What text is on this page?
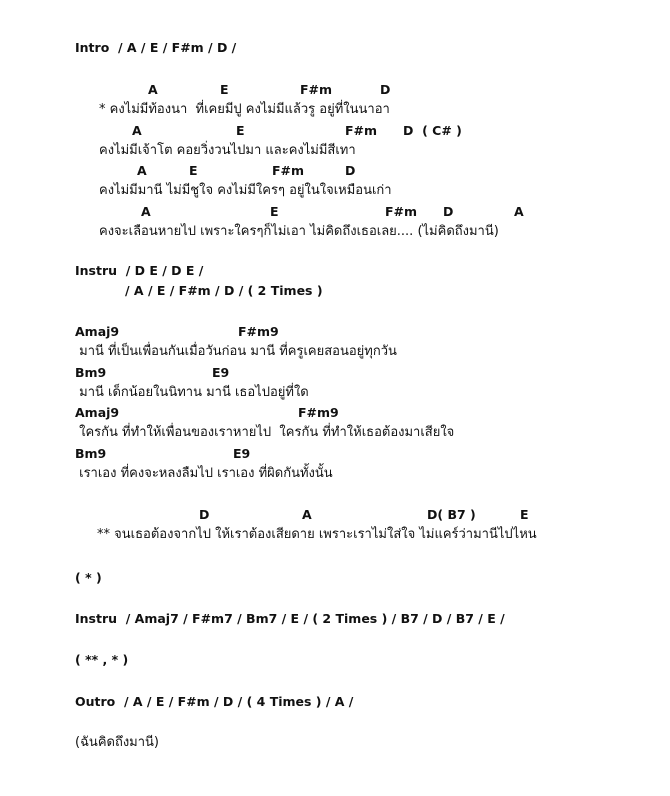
Intro  / A / E / F#m / D /
A	E	F#m	D
* คงไม่มีท้องนา  ที่เคยมีปู คงไม่มีแล้วรู อยู่ที่ในนาอา
A	E	F#m D  ( C# )
คงไม่มีเจ้าโต คอยวิ่งวนไปมา และคงไม่มีสีเทา
A	E	F#m	D
คงไม่มีมานี ไม่มีชูใจ คงไม่มีใครๆ อยู่ในใจเหมือนเก่า
A	E	F#m D	A
คงจะเลือนหายไป เพราะใครๆก็ไม่เอา ไม่คิดถึงเธอเลย.... (ไม่คิดถึงมานี)
Instru  / D E / D E /
/ A / E / F#m / D / ( 2 Times )
Amaj9	F#m9
มานี ที่เป็นเพื่อนกันเมื่อวันก่อน มานี ที่ครูเคยสอนอยู่ทุกวัน
Bm9	E9
มานี เด็กน้อยในนิทาน มานี เธอไปอยู่ที่ใด
Amaj9	F#m9
ใครกัน ที่ทำให้เพื่อนของเราหายไป  ใครกัน ที่ทำให้เธอต้องมาเสียใจ
Bm9	E9
เราเอง ที่คงจะหลงลืมไป เราเอง ที่ผิดกันทั้งนั้น
D	A	D( B7 )	E
** จนเธอต้องจากไป ให้เราต้องเสียดาย เพราะเราไม่ใส่ใจ ไม่แคร์ว่ามานีไปไหน
( * )
Instru  / Amaj7 / F#m7 / Bm7 / E / ( 2 Times ) / B7 / D / B7 / E /
( ** , * )
Outro  / A / E / F#m / D / ( 4 Times ) / A /
(ฉันคิดถึงมานี)
